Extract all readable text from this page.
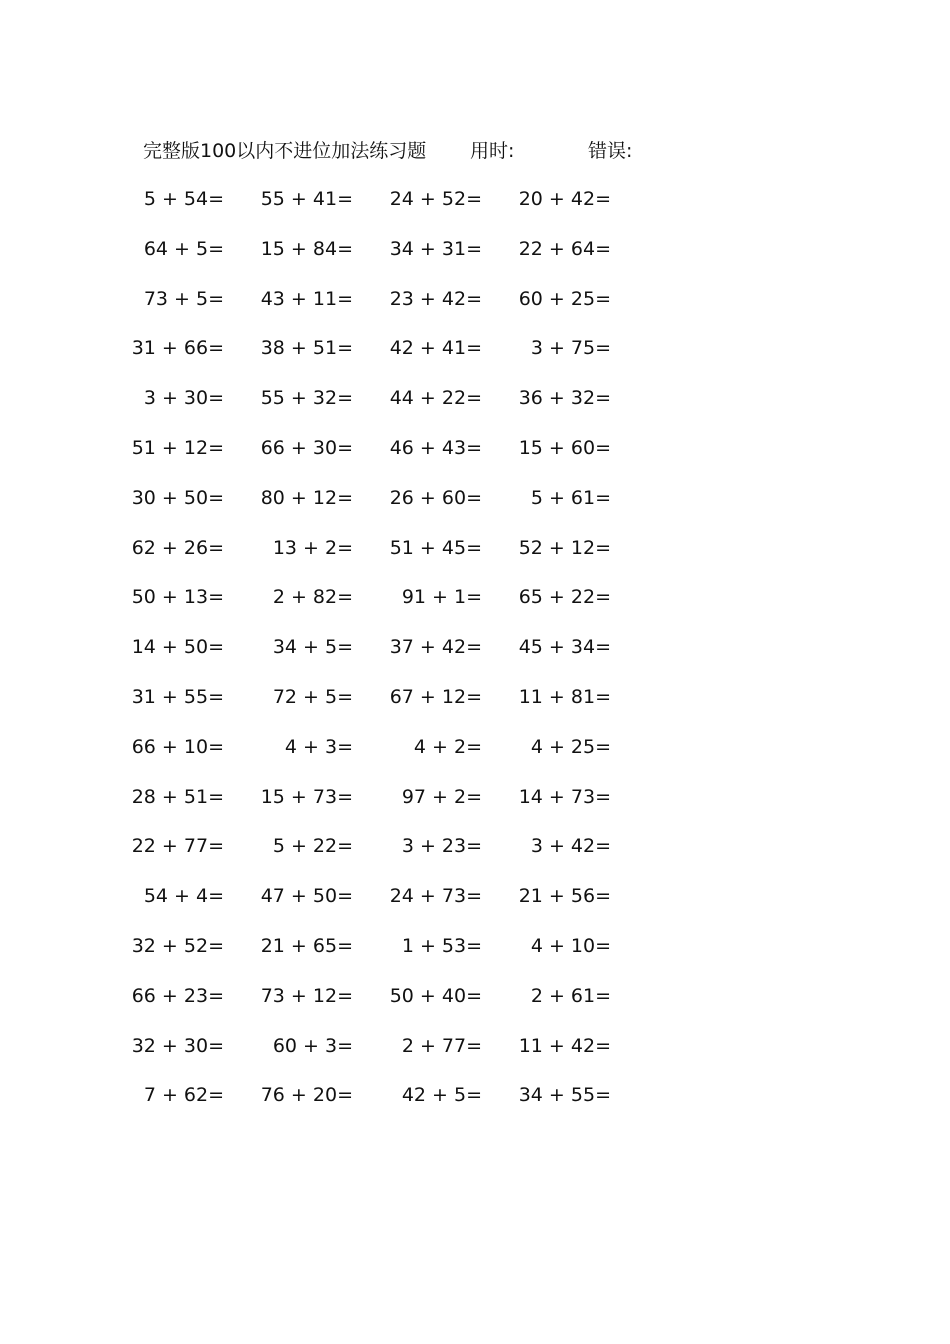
完整版100以内不进位加法练习题 用时:	错误:
5 + 54=	55 + 41=	24 + 52=	20 + 42=
64 + 5=	15 + 84=	34 + 31=	22 + 64=
73 + 5=	43 + 11=	23 + 42=	60 + 25=
31 + 66=	38 + 51=	42 + 41=	3 + 75=
3 + 30=	55 + 32=	44 + 22=	36 + 32=
51 + 12=	66 + 30=	46 + 43=	15 + 60=
30 + 50=	80 + 12=	26 + 60=	5 + 61=
62 + 26=	13 + 2=	51 + 45=	52 + 12=
50 + 13=	2 + 82=	91 + 1=	65 + 22=
14 + 50=	34 + 5=	37 + 42=	45 + 34=
31 + 55=	72 + 5=	67 + 12=	11 + 81=
66 + 10=	4 + 3=	4 + 2=	4 + 25=
28 + 51=	15 + 73=	97 + 2=	14 + 73=
22 + 77=	5 + 22=	3 + 23=	3 + 42=
54 + 4=	47 + 50=	24 + 73=	21 + 56=
32 + 52=	21 + 65=	1 + 53=	4 + 10=
66 + 23=	73 + 12=	50 + 40=	2 + 61=
32 + 30=	60 + 3=	2 + 77=	11 + 42=
7 + 62=	76 + 20=	42 + 5=	34 + 55=
